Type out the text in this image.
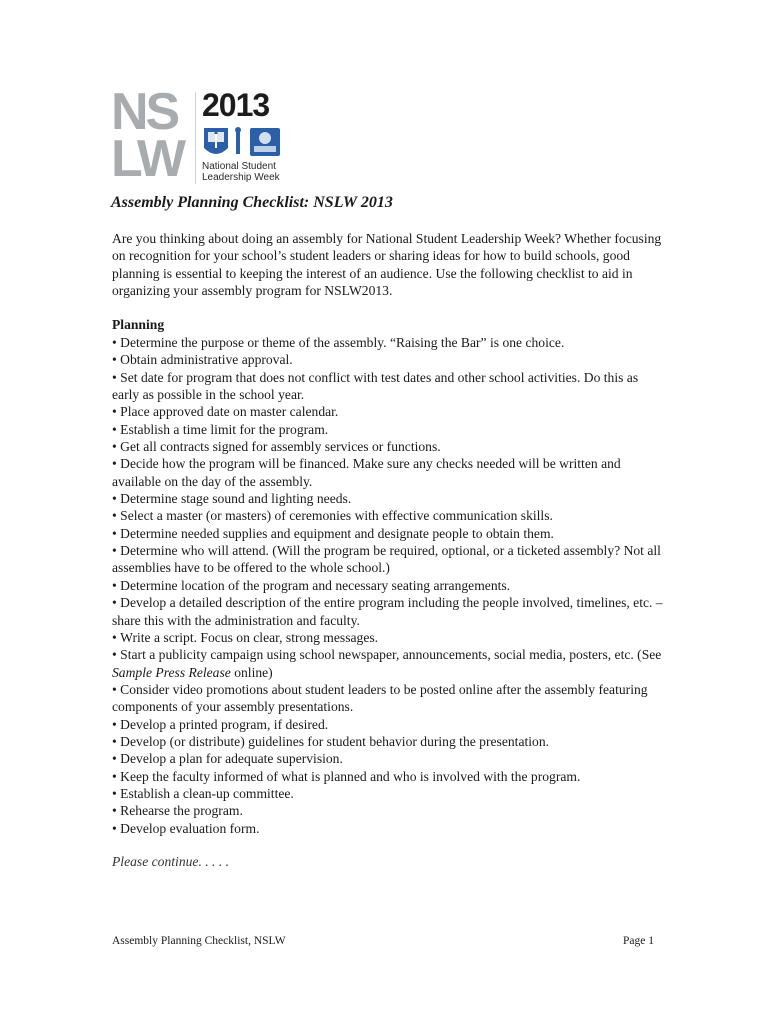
NS
LW
2013
National Student
Leadership Week
Assembly Planning Checklist: NSLW 2013

Are you thinking about doing an assembly for National Student Leadership Week? Whether focusing on recognition for your school’s student leaders or sharing ideas for how to build schools, good planning is essential to keeping the interest of an audience. Use the following checklist to aid in organizing your assembly program for NSLW2013.

Planning
• Determine the purpose or theme of the assembly. “Raising the Bar” is one choice.
• Obtain administrative approval.
• Set date for program that does not conflict with test dates and other school activities. Do this as early as possible in the school year.
• Place approved date on master calendar.
• Establish a time limit for the program.
• Get all contracts signed for assembly services or functions.
• Decide how the program will be financed. Make sure any checks needed will be written and available on the day of the assembly.
• Determine stage sound and lighting needs.
• Select a master (or masters) of ceremonies with effective communication skills.
• Determine needed supplies and equipment and designate people to obtain them.
• Determine who will attend. (Will the program be required, optional, or a ticketed assembly? Not all assemblies have to be offered to the whole school.)
• Determine location of the program and necessary seating arrangements.
• Develop a detailed description of the entire program including the people involved, timelines, etc. – share this with the administration and faculty.
• Write a script. Focus on clear, strong messages.
• Start a publicity campaign using school newspaper, announcements, social media, posters, etc. (See Sample Press Release online)
• Consider video promotions about student leaders to be posted online after the assembly featuring components of your assembly presentations.
• Develop a printed program, if desired.
• Develop (or distribute) guidelines for student behavior during the presentation.
• Develop a plan for adequate supervision.
• Keep the faculty informed of what is planned and who is involved with the program.
• Establish a clean-up committee.
• Rehearse the program.
• Develop evaluation form.

Please continue. . . . .

Assembly Planning Checklist, NSLW	Page 1
